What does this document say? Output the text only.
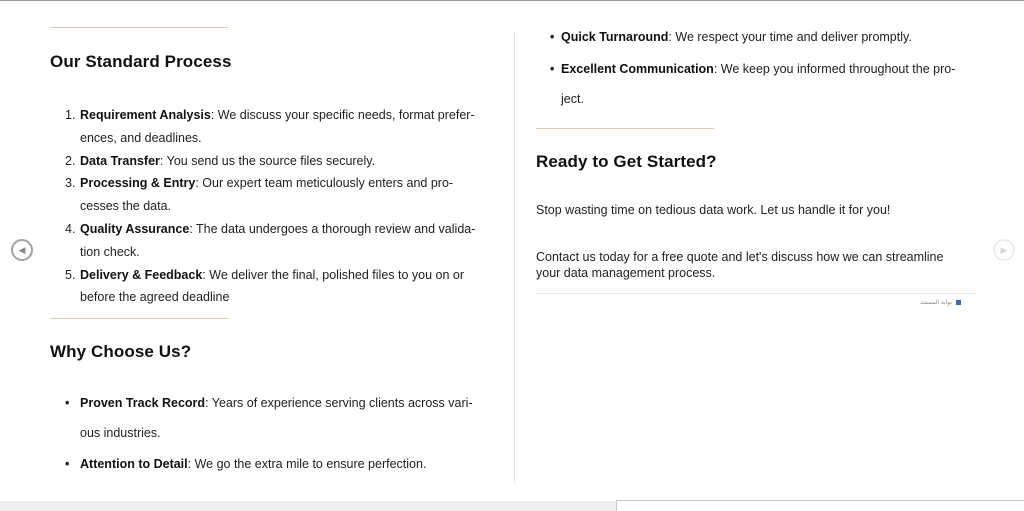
Our Standard Process
1. Requirement Analysis: We discuss your specific needs, format prefer-
ences, and deadlines.
2. Data Transfer: You send us the source files securely.
3. Processing & Entry: Our expert team meticulously enters and pro-
cesses the data.
4. Quality Assurance: The data undergoes a thorough review and valida-
tion check.
5. Delivery & Feedback: We deliver the final, polished files to you on or
before the agreed deadline
Why Choose Us?
• Proven Track Record: Years of experience serving clients across vari-
ous industries.
• Attention to Detail: We go the extra mile to ensure perfection.
• Quick Turnaround: We respect your time and deliver promptly.
• Excellent Communication: We keep you informed throughout the pro-
ject.
Ready to Get Started?
Stop wasting time on tedious data work. Let us handle it for you!
Contact us today for a free quote and let's discuss how we can streamline
your data management process.
بوابة المستند
◀	▶
